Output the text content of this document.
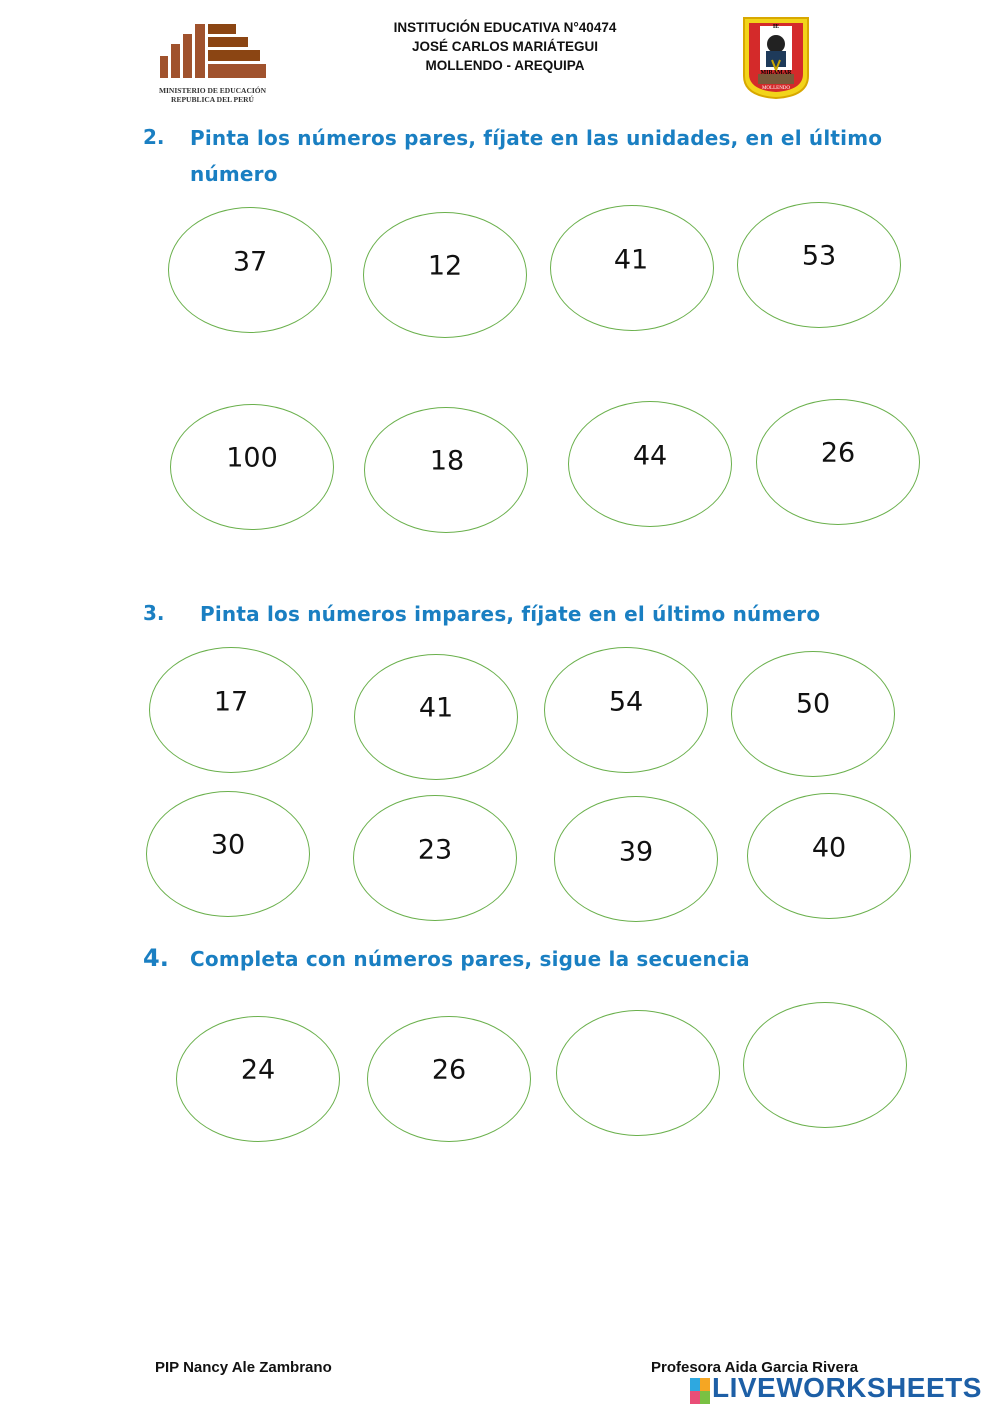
MINISTERIO DE EDUCACIÓN
REPUBLICA DEL PERÚ
INSTITUCIÓN EDUCATIVA N°40474
JOSÉ CARLOS MARIÁTEGUI
MOLLENDO - AREQUIPA
IE
MIRAMAR
MOLLENDO
2. Pinta los números pares, fíjate en las unidades, en el último
número
37	12	41	53
100	18	44	26
17	41	54	50
30	23	39	40
24	26
3. Pinta los números impares, fíjate en el último número
4. Completa con números pares, sigue la secuencia
PIP Nancy Ale Zambrano	Profesora Aida Garcia Rivera
LIVEWORKSHEETS
